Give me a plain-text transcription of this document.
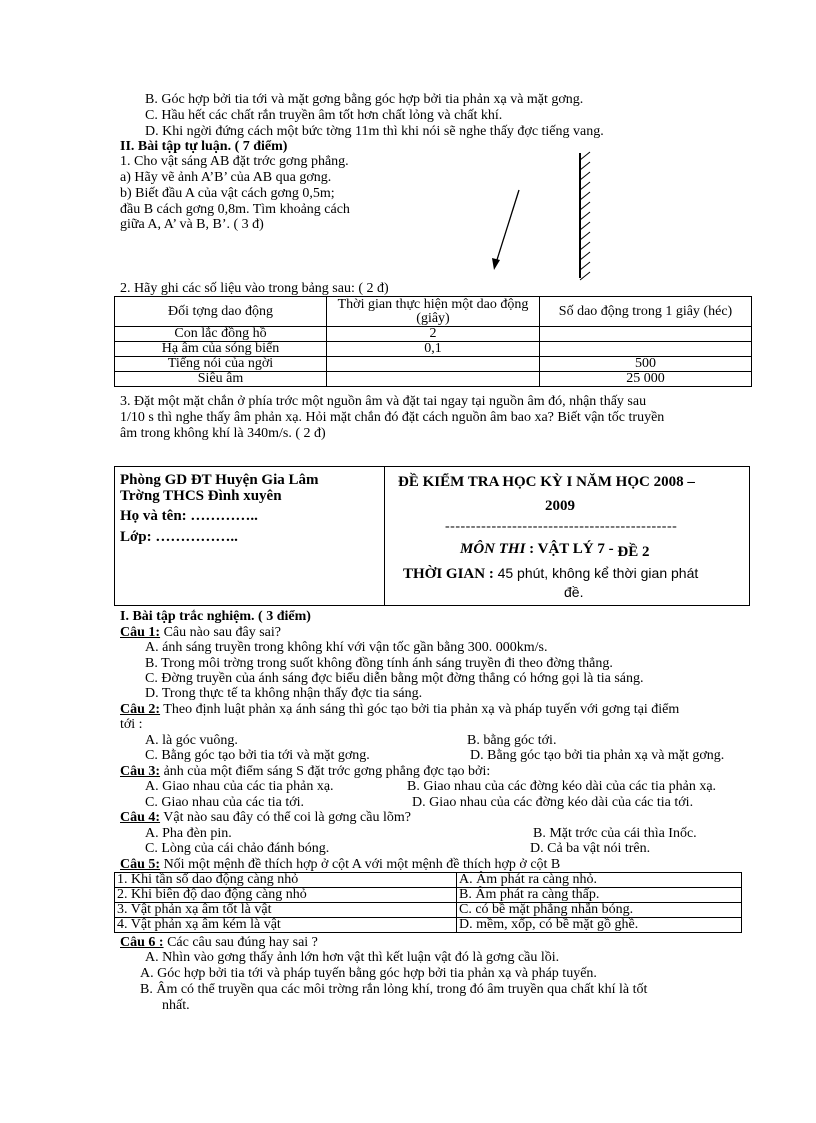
B. Góc hợp bởi tia tới và mặt gơng bằng góc hợp bởi tia phản xạ và mặt gơng.
C. Hầu hết các chất rắn truyền âm tốt hơn chất lỏng và chất khí.
D. Khi ngời đứng cách một bức tờng 11m thì khi nói sẽ nghe thấy đợc tiếng vang.
II. Bài tập tự luận. ( 7 điểm)
1. Cho vật sáng AB đặt trớc gơng phẳng.
a) Hãy vẽ ảnh A’B’ của AB qua gơng.
b) Biết đầu A của vật cách gơng 0,5m;
đầu B cách gơng 0,8m. Tìm khoảng cách
giữa A, A’ và B, B’. ( 3 đ)
2. Hãy ghi các số liệu vào trong bảng sau: ( 2 đ)
Đối tợng dao động	Thời gian thực hiện một dao động (giây)	Số dao động trong 1 giây (héc)
Con lắc đồng hồ	2	
Hạ âm của sóng biển	0,1	
Tiếng nói của ngời		500
Siêu âm		25 000
3. Đặt một mặt chắn ở phía trớc một nguồn âm và đặt tai ngay tại nguồn âm đó, nhận thấy sau
1/10 s thì nghe thấy âm phản xạ. Hỏi mặt chắn đó đặt cách nguồn âm bao xa? Biết vận tốc truyền
âm trong không khí là 340m/s. ( 2 đ)
Phòng GD ĐT Huyện Gia Lâm
Trờng THCS Đình xuyên
Họ và tên: …………..
Lớp: ……………..
ĐỀ KIỂM TRA HỌC KỲ I NĂM HỌC 2008 –
2009
---------------------------------------------
MÔN THI : VẬT LÝ 7 - ĐỀ 2
THỜI GIAN : 45 phút, không kể thời gian phát
đề.
I. Bài tập trắc nghiệm. ( 3 điểm)
Câu 1: Câu nào sau đây sai?
A. ánh sáng truyền trong không khí với vận tốc gần bằng 300. 000km/s.
B. Trong môi trờng trong suốt không đồng tính ánh sáng truyền đi theo đờng thẳng.
C. Đờng truyền của ánh sáng đợc biểu diễn bằng một đờng thẳng có hớng gọi là tia sáng.
D. Trong thực tế ta không nhận thấy đợc tia sáng.
Câu 2: Theo định luật phản xạ ánh sáng thì góc tạo bởi tia phản xạ và pháp tuyến với gơng tại điểm
tới :
A. là góc vuông.	B. bằng góc tới.
C. Bằng góc tạo bởi tia tới và mặt gơng.	D. Bằng góc tạo bởi tia phản xạ và mặt gơng.
Câu 3: ảnh của một điểm sáng S đặt trớc gơng phẳng đợc tạo bởi:
A. Giao nhau của các tia phản xạ.	B. Giao nhau của các đờng kéo dài của các tia phản xạ.
C. Giao nhau của các tia tới.	D. Giao nhau của các đờng kéo dài của các tia tới.
Câu 4: Vật nào sau đây có thể coi là gơng cầu lõm?
A. Pha đèn pin.	B. Mặt trớc của cái thìa Inốc.
C. Lòng của cái chảo đánh bóng.	D. Cả ba vật nói trên.
Câu 5: Nối một mệnh đề thích hợp ở cột A với một mệnh đề thích hợp ở cột B
1. Khi tần số dao động càng nhỏ	A. Âm phát ra càng nhỏ.
2. Khi biên độ dao động càng nhỏ	B. Âm phát ra càng thấp.
3. Vật phản xạ âm tốt là vật	C. có bề mặt phẳng nhẵn bóng.
4. Vật phản xạ âm kém là vật	D. mềm, xốp, có bề mặt gồ ghề.
Câu 6 : Các câu sau đúng hay sai ?
A. Nhìn vào gơng thấy ảnh lớn hơn vật thì kết luận vật đó là gơng cầu lồi.
A. Góc hợp bởi tia tới và pháp tuyến bằng góc hợp bởi tia phản xạ và pháp tuyến.
B. Âm có thể truyền qua các môi trờng rắn lỏng khí, trong đó âm truyền qua chất khí là tốt
nhất.
